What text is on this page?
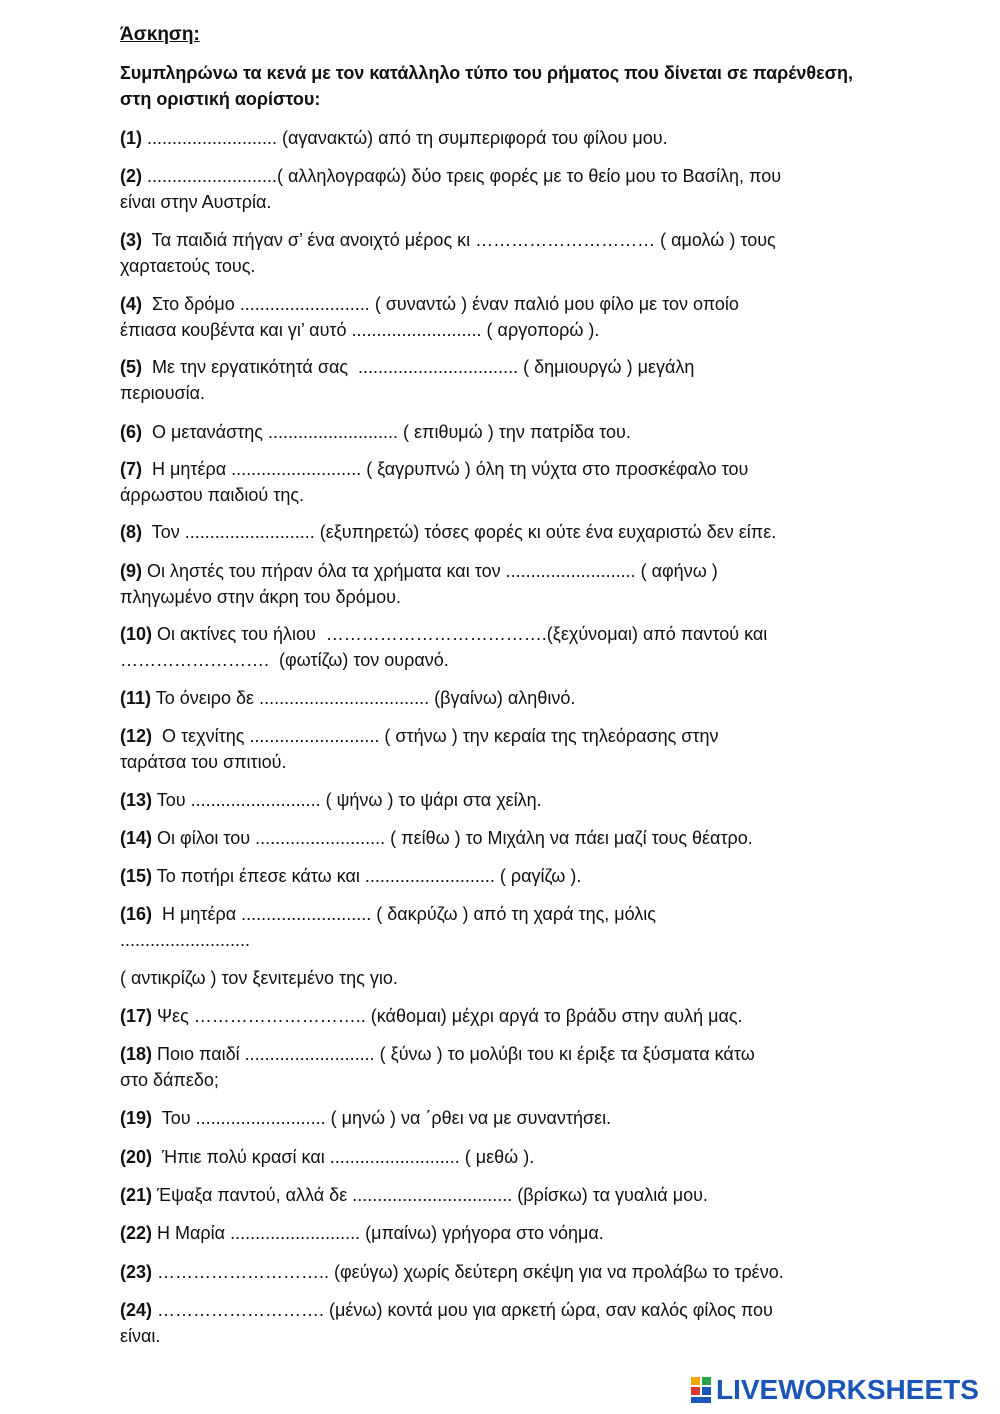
Άσκηση:
Συμπληρώνω τα κενά με τον κατάλληλο τύπο του ρήματος που δίνεται σε παρένθεση, στη οριστική αορίστου:
(1) .......................... (αγανακτώ) από τη συμπεριφορά του φίλου μου.
(2) ..........................( αλληλογραφώ) δύο τρεις φορές με το θείο μου το Βασίλη, που
είναι στην Αυστρία.
(3)  Τα παιδιά πήγαν σ’ ένα ανοιχτό μέρος κι ………………………… ( αμολώ ) τους
χαρταετούς τους.
(4)  Στο δρόμο .......................... ( συναντώ ) έναν παλιό μου φίλο με τον οποίο
έπιασα κουβέντα και γι’ αυτό .......................... ( αργοπορώ ).
(5)  Με την εργατικότητά σας  ................................ ( δημιουργώ ) μεγάλη
περιουσία.
(6)  Ο μετανάστης .......................... ( επιθυμώ ) την πατρίδα του.
(7)  Η μητέρα .......................... ( ξαγρυπνώ ) όλη τη νύχτα στο προσκέφαλο του
άρρωστου παιδιού της.
(8)  Τον .......................... (εξυπηρετώ) τόσες φορές κι ούτε ένα ευχαριστώ δεν είπε.
(9) Οι ληστές του πήραν όλα τα χρήματα και τον .......................... ( αφήνω )
πληγωμένο στην άκρη του δρόμου.
(10) Οι ακτίνες του ήλιου  ……………………………….(ξεχύνομαι) από παντού και
…………………….  (φωτίζω) τον ουρανό.
(11) Το όνειρο δε .................................. (βγαίνω) αληθινό.
(12)  Ο τεχνίτης .......................... ( στήνω ) την κεραία της τηλεόρασης στην
ταράτσα του σπιτιού.
(13) Του .......................... ( ψήνω ) το ψάρι στα χείλη.
(14) Οι φίλοι του .......................... ( πείθω ) το Μιχάλη να πάει μαζί τους θέατρο.
(15) Το ποτήρι έπεσε κάτω και .......................... ( ραγίζω ).
(16)  Η μητέρα .......................... ( δακρύζω ) από τη χαρά της, μόλις
..........................
( αντικρίζω ) τον ξενιτεμένο της γιο.
(17) Ψες ……………………….. (κάθομαι) μέχρι αργά το βράδυ στην αυλή μας.
(18) Ποιο παιδί .......................... ( ξύνω ) το μολύβι του κι έριξε τα ξύσματα κάτω
στο δάπεδο;
(19)  Του .......................... ( μηνώ ) να ΄ρθει να με συναντήσει.
(20)  Ήπιε πολύ κρασί και .......................... ( μεθώ ).
(21) Έψαξα παντού, αλλά δε ................................ (βρίσκω) τα γυαλιά μου.
(22) Η Μαρία .......................... (μπαίνω) γρήγορα στο νόημα.
(23) ……………………….. (φεύγω) χωρίς δεύτερη σκέψη για να προλάβω το τρένο.
(24) ………………………. (μένω) κοντά μου για αρκετή ώρα, σαν καλός φίλος που
είναι.
LIVEWORKSHEETS
